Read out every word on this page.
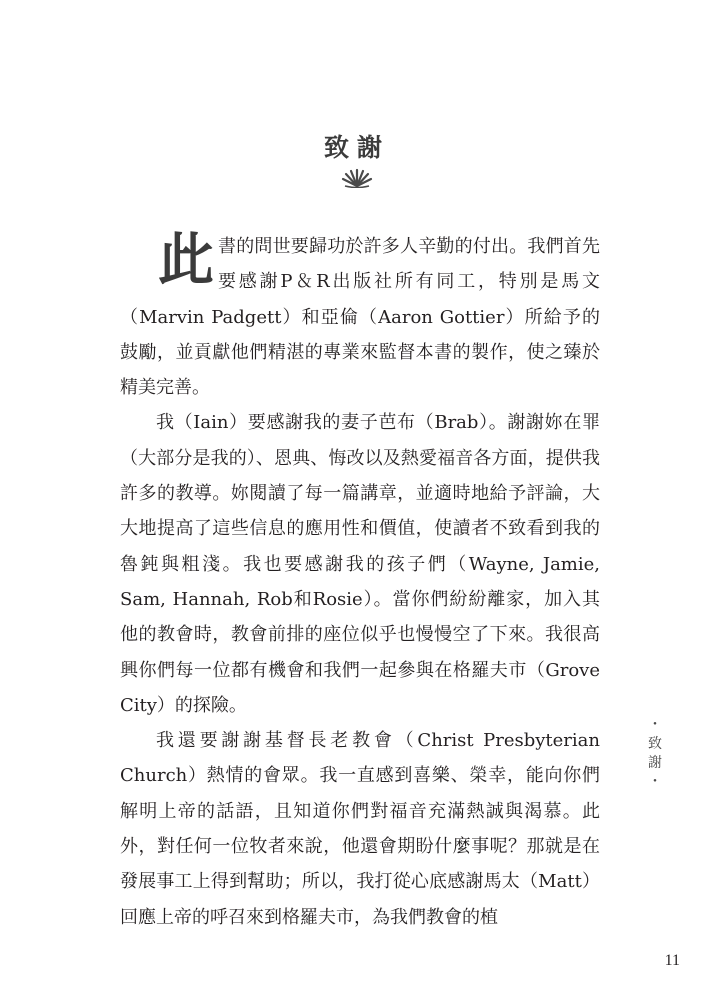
致謝

此書的問世要歸功於許多人辛勤的付出。我們首先要感謝P＆R出版社所有同工，特別是馬文（Marvin Padgett）和亞倫（Aaron Gottier）所給予的鼓勵，並貢獻他們精湛的專業來監督本書的製作，使之臻於精美完善。

我（Iain）要感謝我的妻子芭布（Brab）。謝謝妳在罪（大部分是我的）、恩典、悔改以及熱愛福音各方面，提供我許多的教導。妳閱讀了每一篇講章，並適時地給予評論，大大地提高了這些信息的應用性和價值，使讀者不致看到我的魯鈍與粗淺。我也要感謝我的孩子們（Wayne, Jamie, Sam, Hannah, Rob和Rosie）。當你們紛紛離家，加入其他的教會時，教會前排的座位似乎也慢慢空了下來。我很高興你們每一位都有機會和我們一起參與在格羅夫市（Grove City）的探險。

我還要謝謝基督長老教會（Christ Presbyterian Church）熱情的會眾。我一直感到喜樂、榮幸，能向你們解明上帝的話語，且知道你們對福音充滿熱誠與渴慕。此外，對任何一位牧者來說，他還會期盼什麼事呢？那就是在發展事工上得到幫助；所以，我打從心底感謝馬太（Matt）回應上帝的呼召來到格羅夫市，為我們教會的植

・
致
謝
・
11
